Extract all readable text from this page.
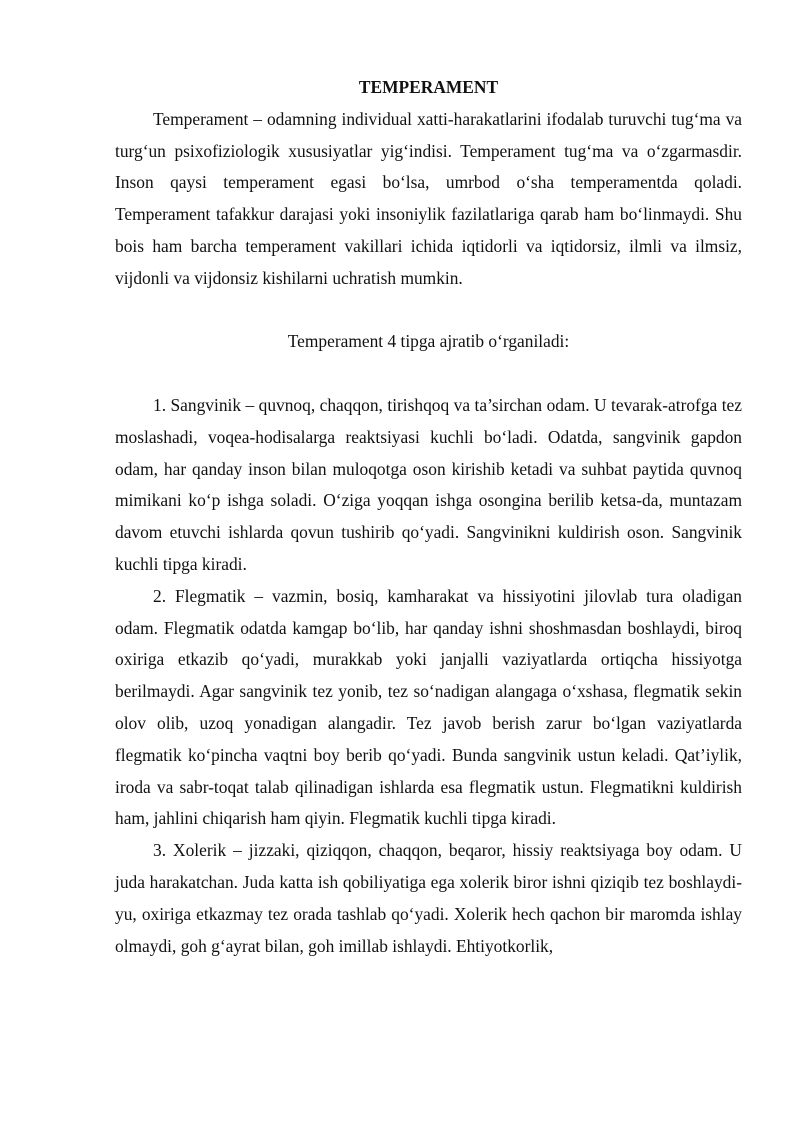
TEMPERAMENT

Temperament – odamning individual xatti-harakatlarini ifodalab turuvchi tug‘ma va turg‘un psixofiziologik xususiyatlar yig‘indisi. Temperament tug‘ma va o‘zgarmasdir. Inson qaysi temperament egasi bo‘lsa, umrbod o‘sha temperamentda qoladi. Temperament tafakkur darajasi yoki insoniylik fazilatlariga qarab ham bo‘linmaydi. Shu bois ham barcha temperament vakillari ichida iqtidorli va iqtidorsiz, ilmli va ilmsiz, vijdonli va vijdonsiz kishilarni uchratish mumkin.

Temperament 4 tipga ajratib o‘rganiladi:

1. Sangvinik – quvnoq, chaqqon, tirishqoq va ta’sirchan odam. U tevarak-atrofga tez moslashadi, voqea-hodisalarga reaktsiyasi kuchli bo‘ladi. Odatda, sangvinik gapdon odam, har qanday inson bilan muloqotga oson kirishib ketadi va suhbat paytida quvnoq mimikani ko‘p ishga soladi. O‘ziga yoqqan ishga osongina berilib ketsa-da, muntazam davom etuvchi ishlarda qovun tushirib qo‘yadi. Sangvinikni kuldirish oson. Sangvinik kuchli tipga kiradi.

2. Flegmatik – vazmin, bosiq, kamharakat va hissiyotini jilovlab tura oladigan odam. Flegmatik odatda kamgap bo‘lib, har qanday ishni shoshmasdan boshlaydi, biroq oxiriga etkazib qo‘yadi, murakkab yoki janjalli vaziyatlarda ortiqcha hissiyotga berilmaydi. Agar sangvinik tez yonib, tez so‘nadigan alangaga o‘xshasa, flegmatik sekin olov olib, uzoq yonadigan alangadir. Tez javob berish zarur bo‘lgan vaziyatlarda flegmatik ko‘pincha vaqtni boy berib qo‘yadi. Bunda sangvinik ustun keladi. Qat’iylik, iroda va sabr-toqat talab qilinadigan ishlarda esa flegmatik ustun. Flegmatikni kuldirish ham, jahlini chiqarish ham qiyin. Flegmatik kuchli tipga kiradi.

3. Xolerik – jizzaki, qiziqqon, chaqqon, beqaror, hissiy reaktsiyaga boy odam. U juda harakatchan. Juda katta ish qobiliyatiga ega xolerik biror ishni qiziqib tez boshlaydi-yu, oxiriga etkazmay tez orada tashlab qo‘yadi. Xolerik hech qachon bir maromda ishlay olmaydi, goh g‘ayrat bilan, goh imillab ishlaydi. Ehtiyotkorlik,
